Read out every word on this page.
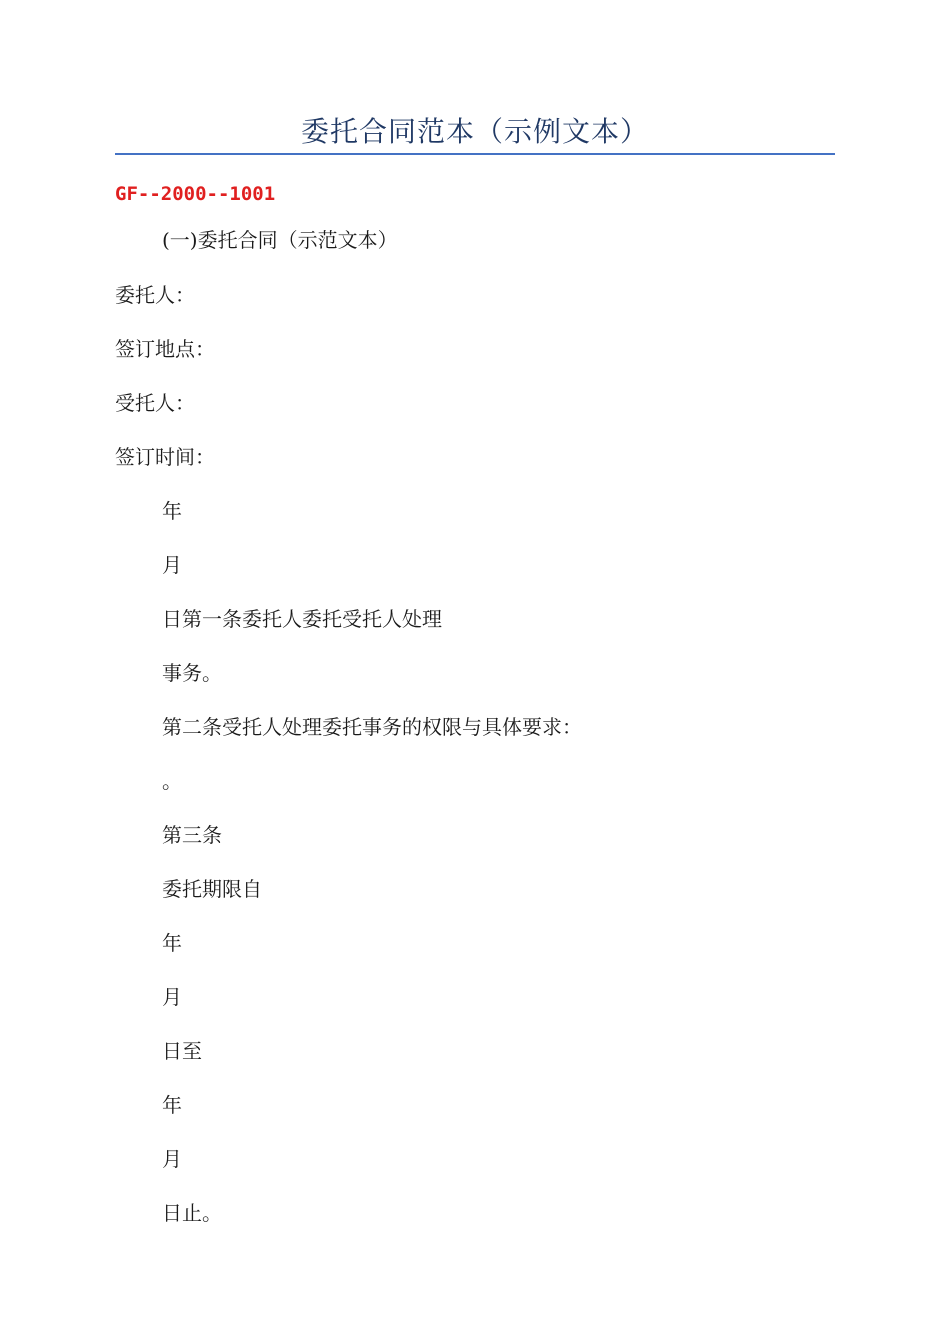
委托合同范本（示例文本）
GF--2000--1001
(一)委托合同（示范文本）
委托人：
签订地点：
受托人：
签订时间：
年
月
日第一条委托人委托受托人处理
事务。
第二条受托人处理委托事务的权限与具体要求：
。
第三条
委托期限自
年
月
日至
年
月
日止。
